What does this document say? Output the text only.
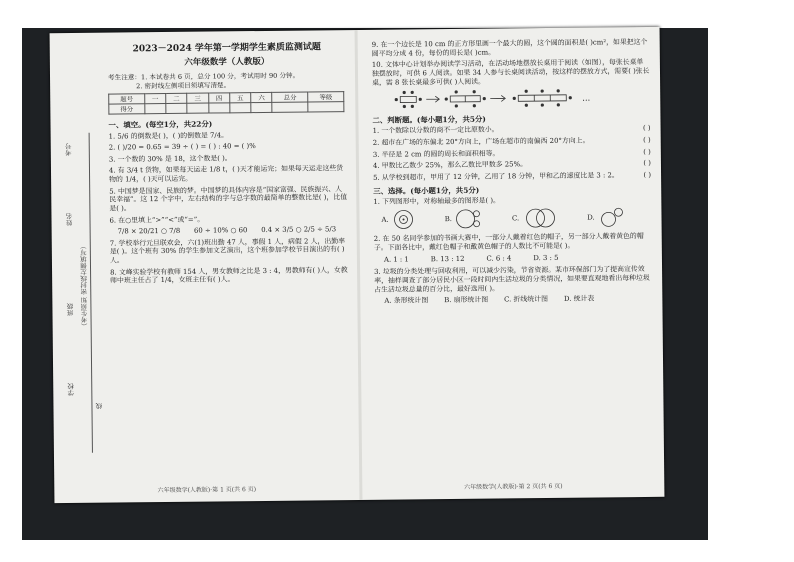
学校
班级
姓名
考号
（考生须知 密封线左侧填写）
线
2023－2024 学年第一学期学生素质监测试题
六年级数学（人教版）
考生注意：1. 本试卷共 6 页，总分 100 分，考试用时 90 分钟。
2. 密封线左侧项目须填写清楚。
题号	一	二	三	四	五	六	总分	等级
得分								
一、填空。(每空1分，共22分)
1. 5/6 的倒数是( )，( )的倒数是 7/4。
2. ( )/20 = 0.65 = 39 ÷ ( ) = ( ) : 40 = ( )%
3. 一个数的 30% 是 18，这个数是( )。
4. 有 3/4 t 货物，如果每天运走 1/8 t，( )天才能运完；如果每天运走这些货物的 1/4，( )天可以运完。
5. 中国梦是国家、民族的梦。中国梦的具体内容是“国家富强、民族振兴、人民幸福”。这 12 个字中，左右结构的字与总字数的最简单的整数比是( )，比值是( )。
6. 在○里填上“>”“<”或“=”。
7/8 × 20/21 ○ 7/8　　60 ÷ 10% ○ 60　　0.4 × 3/5 ○ 2/5 ÷ 5/3
7. 学校举行元旦联欢会，六(1)班出勤 47 人，事假 1 人，病假 2 人，出勤率是( )。这个班有 30% 的学生参加文艺演出，这个班参加学校节目演出的有( )人。
8. 文峰实验学校有教师 154 人，男女教师之比是 3 : 4，男教师有( )人，女教师中班主任占了 1/4，女班主任有( )人。
六年级数学(人教版)·第 1 页(共 6 页)
9. 在一个边长是 10 cm 的正方形里画一个最大的圆，这个圆的面积是( )cm²，如果把这个圆平均分成 4 份，每份的周长是( )cm。
10. 文体中心计划举办阅读学习活动，在活动场地摆放长桌用于阅读（如图），每张长桌单独摆放时，可供 6 人阅读。如果 34 人参与长桌阅读活动，按这样的摆放方式，需要( )张长桌，需 8 张长桌最多可供( )人阅读。
…
二、判断题。(每小题1分，共5分)
1. 一个数除以分数的商不一定比原数小。	( )
2. 超市在广场的东偏北 20°方向上，广场在超市的南偏西 20°方向上。	( )
3. 半径是 2 cm 的圆的周长和面积相等。	( )
4. 甲数比乙数少 25%，那么乙数比甲数多 25%。	( )
5. 从学校到超市，甲用了 12 分钟，乙用了 18 分钟，甲和乙的速度比是 3 : 2。	( )
三、选择。(每小题1分，共5分)
1. 下列图形中，对称轴最多的图形是( )。
A.	B.	C.	D.
2. 在 50 名同学参加的书画大赛中，一部分人戴着红色的帽子，另一部分人戴着黄色的帽子。下面各比中，戴红色帽子和戴黄色帽子的人数比不可能是( )。
A. 1 : 1	B. 13 : 12	C. 6 : 4	D. 3 : 5
3. 垃圾的分类处理与回收利用，可以减少污染，节省资源。某市环保部门为了提高宣传效率，抽样调查了部分居民小区一段时间内生活垃圾的分类情况，如果要直观地看出每种垃圾占生活垃圾总量的百分比，最好选用( )。
A. 条形统计图 B. 扇形统计图 C. 折线统计图 D. 统计表
六年级数学(人教版)·第 2 页(共 6 页)
